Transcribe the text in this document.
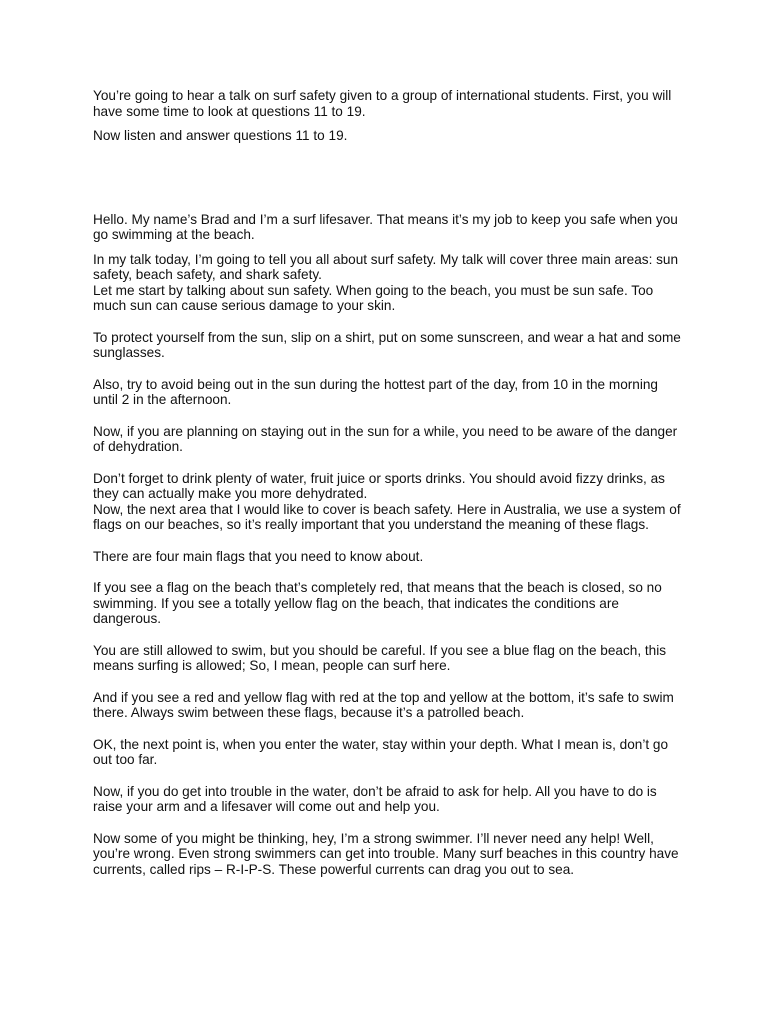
You’re going to hear a talk on surf safety given to a group of international students. First, you will have some time to look at questions 11 to 19.

Now listen and answer questions 11 to 19.

Hello. My name’s Brad and I’m a surf lifesaver. That means it’s my job to keep you safe when you go swimming at the beach.

In my talk today, I’m going to tell you all about surf safety. My talk will cover three main areas: sun safety, beach safety, and shark safety.

Let me start by talking about sun safety. When going to the beach, you must be sun safe. Too much sun can cause serious damage to your skin.

To protect yourself from the sun, slip on a shirt, put on some sunscreen, and wear a hat and some sunglasses.

Also, try to avoid being out in the sun during the hottest part of the day, from 10 in the morning until 2 in the afternoon.

Now, if you are planning on staying out in the sun for a while, you need to be aware of the danger of dehydration.

Don’t forget to drink plenty of water, fruit juice or sports drinks. You should avoid fizzy drinks, as they can actually make you more dehydrated.

Now, the next area that I would like to cover is beach safety. Here in Australia, we use a system of flags on our beaches, so it’s really important that you understand the meaning of these flags.

There are four main flags that you need to know about.

If you see a flag on the beach that’s completely red, that means that the beach is closed, so no swimming. If you see a totally yellow flag on the beach, that indicates the conditions are dangerous.

You are still allowed to swim, but you should be careful. If you see a blue flag on the beach, this means surfing is allowed; So, I mean, people can surf here.

And if you see a red and yellow flag with red at the top and yellow at the bottom, it’s safe to swim there. Always swim between these flags, because it’s a patrolled beach.

OK, the next point is, when you enter the water, stay within your depth. What I mean is, don’t go out too far.

Now, if you do get into trouble in the water, don’t be afraid to ask for help. All you have to do is raise your arm and a lifesaver will come out and help you.

Now some of you might be thinking, hey, I’m a strong swimmer. I’ll never need any help! Well, you’re wrong. Even strong swimmers can get into trouble. Many surf beaches in this country have currents, called rips – R-I-P-S. These powerful currents can drag you out to sea.
